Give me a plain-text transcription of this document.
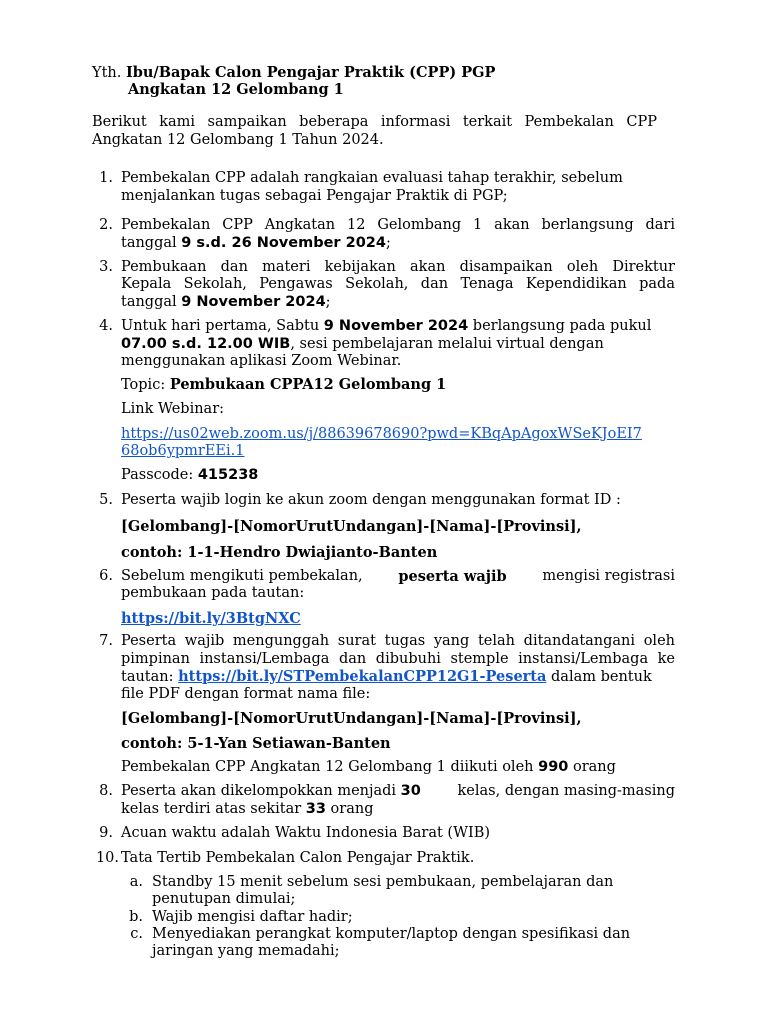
Yth. Ibu/Bapak Calon Pengajar Praktik (CPP) PGP
Angkatan 12 Gelombang 1
Berikut kami sampaikan beberapa informasi terkait Pembekalan CPP
Angkatan 12 Gelombang 1 Tahun 2024.
1. Pembekalan CPP adalah rangkaian evaluasi tahap terakhir, sebelum
menjalankan tugas sebagai Pengajar Praktik di PGP;
2. Pembekalan CPP Angkatan 12 Gelombang 1 akan berlangsung dari
tanggal 9 s.d. 26 November 2024;
3. Pembukaan dan materi kebijakan akan disampaikan oleh Direktur
Kepala Sekolah, Pengawas Sekolah, dan Tenaga Kependidikan pada
tanggal 9 November 2024;
4. Untuk hari pertama, Sabtu 9 November 2024 berlangsung pada pukul
07.00 s.d. 12.00 WIB, sesi pembelajaran melalui virtual dengan
menggunakan aplikasi Zoom Webinar.
Topic: Pembukaan CPPA12 Gelombang 1
Link Webinar:
https://us02web.zoom.us/j/88639678690?pwd=KBqApAgoxWSeKJoEI7
68ob6ypmrEEi.1
Passcode: 415238
5. Peserta wajib login ke akun zoom dengan menggunakan format ID :
[Gelombang]-[NomorUrutUndangan]-[Nama]-[Provinsi],
contoh: 1-1-Hendro Dwiajianto-Banten
6. Sebelum mengikuti pembekalan, peserta wajib mengisi registrasi
pembukaan pada tautan:
https://bit.ly/3BtgNXC
7. Peserta wajib mengunggah surat tugas yang telah ditandatangani oleh
pimpinan instansi/Lembaga dan dibubuhi stemple instansi/Lembaga ke
tautan: https://bit.ly/STPembekalanCPP12G1-Peserta dalam bentuk
file PDF dengan format nama file:
[Gelombang]-[NomorUrutUndangan]-[Nama]-[Provinsi],
contoh: 5-1-Yan Setiawan-Banten
Pembekalan CPP Angkatan 12 Gelombang 1 diikuti oleh 990 orang
8. Peserta akan dikelompokkan menjadi 30	kelas, dengan masing-masing
kelas terdiri atas sekitar 33 orang
9. Acuan waktu adalah Waktu Indonesia Barat (WIB)
10. Tata Tertib Pembekalan Calon Pengajar Praktik.
a. Standby 15 menit sebelum sesi pembukaan, pembelajaran dan
penutupan dimulai;
b. Wajib mengisi daftar hadir;
c. Menyediakan perangkat komputer/laptop dengan spesifikasi dan
jaringan yang memadahi;
